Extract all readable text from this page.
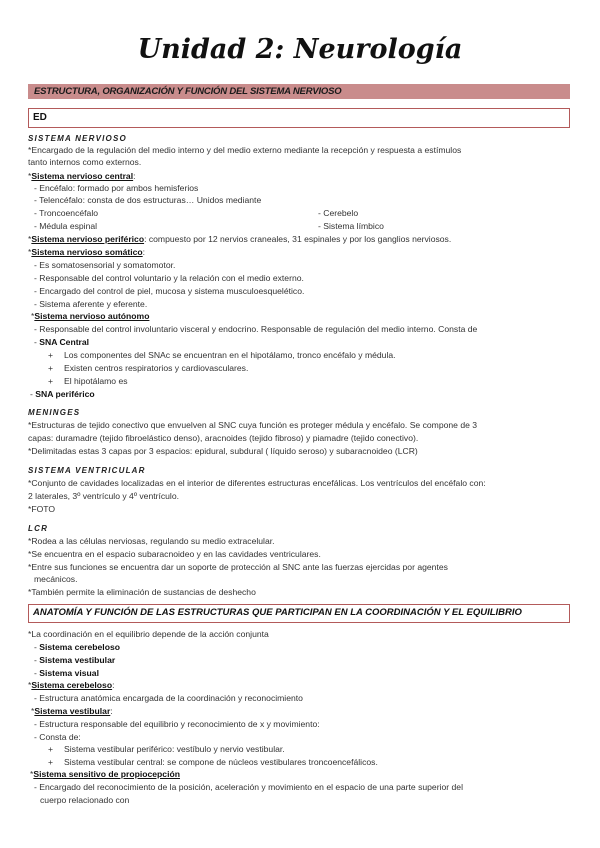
Unidad 2: Neurología
ESTRUCTURA, ORGANIZACIÓN Y FUNCIÓN DEL SISTEMA NERVIOSO
ED
SISTEMA NERVIOSO
*Encargado de la regulación del medio interno y del medio externo mediante la recepción y respuesta a estímulos
tanto internos como externos.
*Sistema nervioso central:
- Encéfalo: formado por ambos hemisferios
- Telencéfalo: consta de dos estructuras… Unidos mediante
- Troncoencéfalo	- Cerebelo
- Médula espinal	- Sistema límbico
*Sistema nervioso periférico: compuesto por 12 nervios craneales, 31 espinales y por los ganglios nerviosos.
*Sistema nervioso somático:
- Es somatosensorial y somatomotor.
- Responsable del control voluntario y la relación con el medio externo.
- Encargado del control de piel, mucosa y sistema musculoesquelético.
- Sistema aferente y eferente.
*Sistema nervioso autónomo
- Responsable del control involuntario visceral y endocrino. Responsable de regulación del medio interno. Consta de
- SNA Central
+ Los componentes del SNAc se encuentran en el hipotálamo, tronco encéfalo y médula.
+ Existen centros respiratorios y cardiovasculares.
+ El hipotálamo es
- SNA periférico
MENINGES
*Estructuras de tejido conectivo que envuelven al SNC cuya función es proteger médula y encéfalo. Se compone de 3
capas: duramadre (tejido fibroelástico denso), aracnoides (tejido fibroso) y piamadre (tejido conectivo).
*Delimitadas estas 3 capas por 3 espacios: epidural, subdural ( líquido seroso) y subaracnoideo (LCR)
SISTEMA VENTRICULAR
*Conjunto de cavidades localizadas en el interior de diferentes estructuras encefálicas. Los ventrículos del encéfalo con:
2 laterales, 3º ventrículo y 4º ventrículo.
*FOTO
LCR
*Rodea a las células nerviosas, regulando su medio extracelular.
*Se encuentra en el espacio subaracnoideo y en las cavidades ventriculares.
*Entre sus funciones se encuentra dar un soporte de protección al SNC ante las fuerzas ejercidas por agentes
mecánicos.
*También permite la eliminación de sustancias de deshecho
ANATOMÍA Y FUNCIÓN DE LAS ESTRUCTURAS QUE PARTICIPAN EN LA COORDINACIÓN Y EL EQUILIBRIO
*La coordinación en el equilibrio depende de la acción conjunta
- Sistema cerebeloso
- Sistema vestibular
- Sistema visual
*Sistema cerebeloso:
- Estructura anatómica encargada de la coordinación y reconocimiento
*Sistema vestibular:
- Estructura responsable del equilibrio y reconocimiento de x y movimiento:
- Consta de:
+ Sistema vestibular periférico: vestíbulo y nervio vestibular.
+ Sistema vestibular central: se compone de núcleos vestibulares troncoencefálicos.
*Sistema sensitivo de propiocepción
- Encargado del reconocimiento de la posición, aceleración y movimiento en el espacio de una parte superior del
cuerpo relacionado con
